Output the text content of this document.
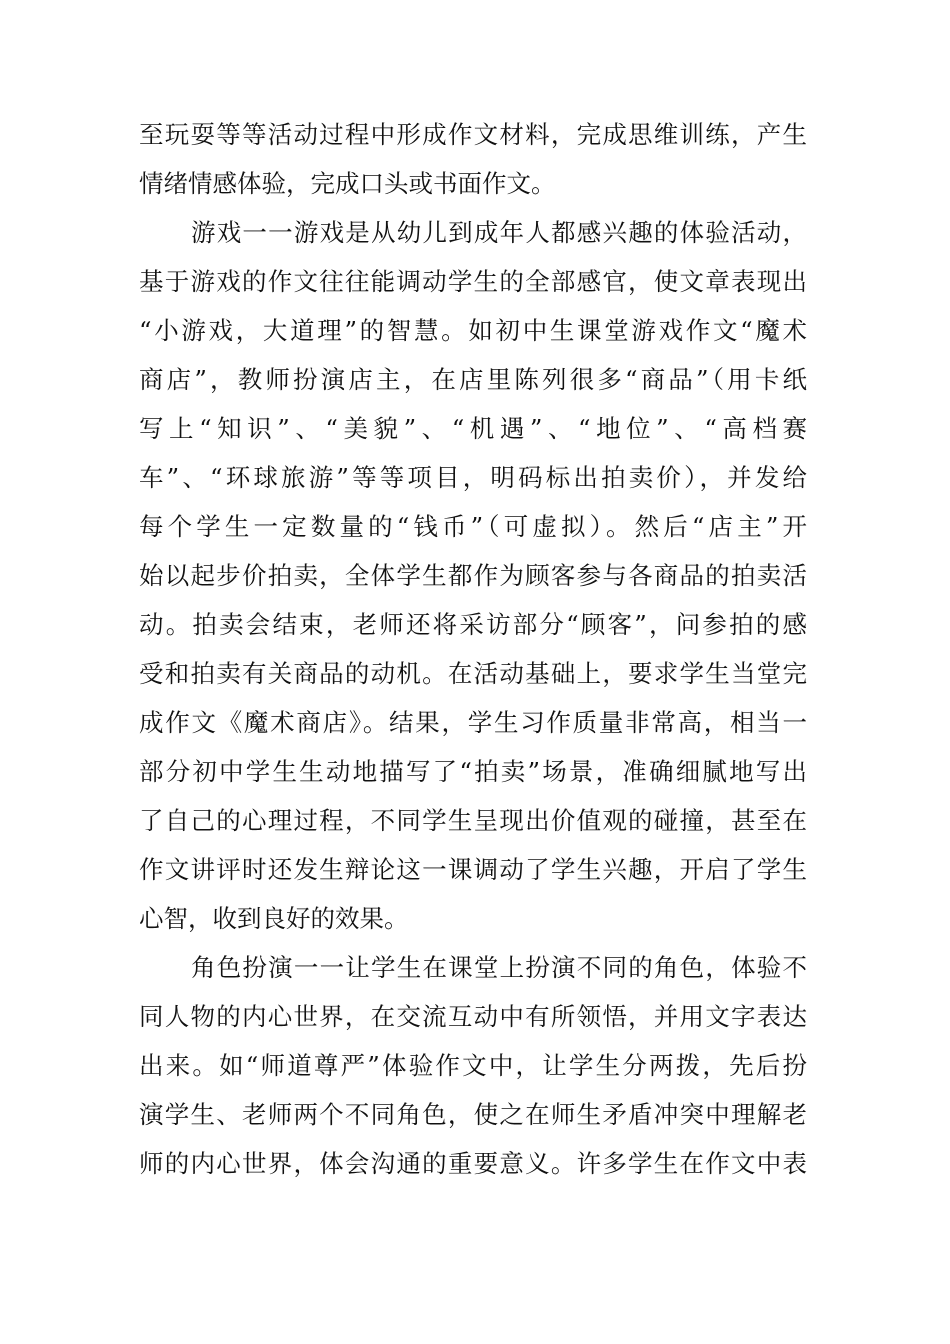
至玩耍等等活动过程中形成作文材料，完成思维训练，产生
情绪情感体验，完成口头或书面作文。
游戏一一游戏是从幼儿到成年人都感兴趣的体验活动，
基于游戏的作文往往能调动学生的全部感官，使文章表现出
“小游戏，大道理”的智慧。如初中生课堂游戏作文“魔术
商店”，教师扮演店主，在店里陈列很多“商品”（用卡纸
写上“知识”、“美貌”、“机遇”、“地位”、“高档赛
车”、“环球旅游”等等项目，明码标出拍卖价），并发给
每个学生一定数量的“钱币”（可虚拟）。然后“店主”开
始以起步价拍卖，全体学生都作为顾客参与各商品的拍卖活
动。拍卖会结束，老师还将采访部分“顾客”，问参拍的感
受和拍卖有关商品的动机。在活动基础上，要求学生当堂完
成作文《魔术商店》。结果，学生习作质量非常高，相当一
部分初中学生生动地描写了“拍卖”场景，准确细腻地写出
了自己的心理过程，不同学生呈现出价值观的碰撞，甚至在
作文讲评时还发生辩论这一课调动了学生兴趣，开启了学生
心智，收到良好的效果。
角色扮演一一让学生在课堂上扮演不同的角色，体验不
同人物的内心世界，在交流互动中有所领悟，并用文字表达
出来。如“师道尊严”体验作文中，让学生分两拨，先后扮
演学生、老师两个不同角色，使之在师生矛盾冲突中理解老
师的内心世界，体会沟通的重要意义。许多学生在作文中表
